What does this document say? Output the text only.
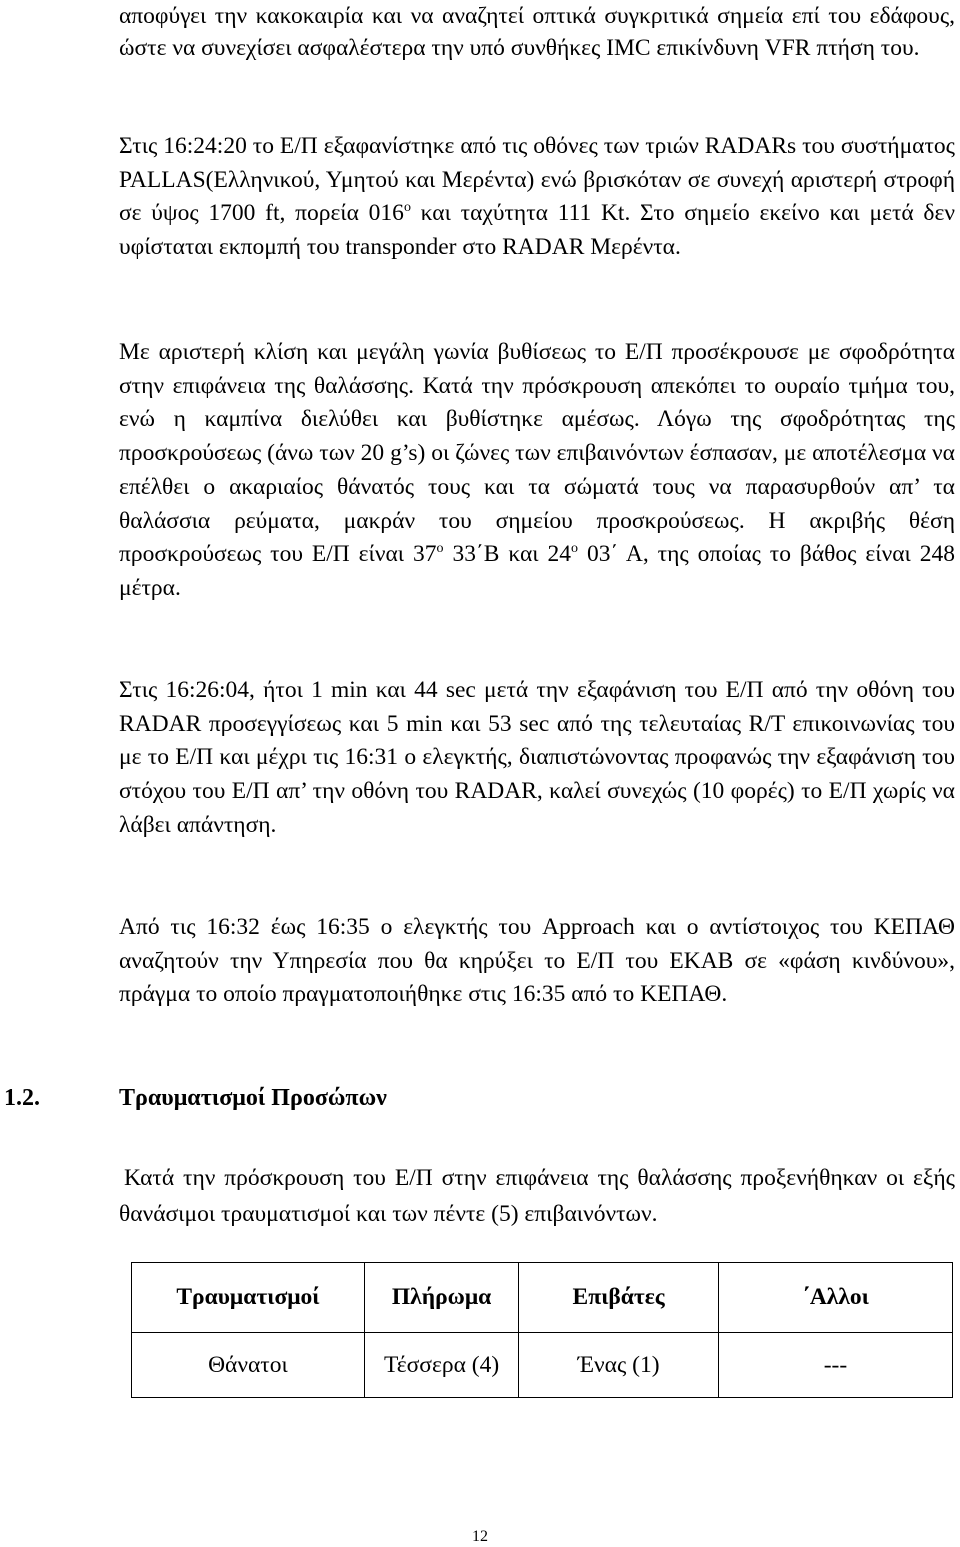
αποφύγει την κακοκαιρία και να αναζητεί οπτικά συγκριτικά σημεία επί του εδάφους, ώστε να συνεχίσει ασφαλέστερα την υπό συνθήκες IMC επικίνδυνη VFR πτήση του.

Στις 16:24:20 το Ε/Π εξαφανίστηκε από τις οθόνες των τριών RADARs του συστήματος PALLAS(Ελληνικού, Υμητού και Μερέντα) ενώ βρισκόταν σε συνεχή αριστερή στροφή σε ύψος 1700 ft, πορεία $016^o$ και ταχύτητα 111 Kt. Στο σημείο εκείνο και μετά δεν υφίσταται εκπομπή του transponder στο RADAR Μερέντα.

Με αριστερή κλίση και μεγάλη γωνία βυθίσεως το Ε/Π προσέκρουσε με σφοδρότητα στην επιφάνεια της θαλάσσης. Κατά την πρόσκρουση απεκόπει το ουραίο τμήμα του, ενώ η καμπίνα διελύθει και βυθίστηκε αμέσως. Λόγω της σφοδρότητας της προσκρούσεως (άνω των 20 g’s) οι ζώνες των επιβαινόντων έσπασαν, με αποτέλεσμα να επέλθει ο ακαριαίος θάνατός τους και τα σώματά τους να παρασυρθούν απ’ τα θαλάσσια ρεύματα, μακράν του σημείου προσκρούσεως. Η ακριβής θέση προσκρούσεως του Ε/Π είναι $37^o$ 33΄Β και $24^o$ 03΄ Α, της οποίας το βάθος είναι 248 μέτρα.

Στις 16:26:04, ήτοι 1 min και 44 sec μετά την εξαφάνιση του Ε/Π από την οθόνη του RADAR προσεγγίσεως και 5 min και 53 sec από της τελευταίας R/T επικοινωνίας του με το Ε/Π και μέχρι τις 16:31 ο ελεγκτής, διαπιστώνοντας προφανώς την εξαφάνιση του στόχου του Ε/Π απ’ την οθόνη του RADAR, καλεί συνεχώς (10 φορές) το Ε/Π χωρίς να λάβει απάντηση.

Από τις 16:32 έως 16:35 ο ελεγκτής του Approach και ο αντίστοιχος του ΚΕΠΑΘ αναζητούν την Υπηρεσία που θα κηρύξει το Ε/Π του ΕΚΑΒ σε «φάση κινδύνου», πράγμα το οποίο πραγματοποιήθηκε στις 16:35 από το ΚΕΠΑΘ.

1.2.	Τραυματισμοί Προσώπων

Κατά την πρόσκρουση του Ε/Π στην επιφάνεια της θαλάσσης προξενήθηκαν οι εξής θανάσιμοι τραυματισμοί και των πέντε (5) επιβαινόντων.

Τραυματισμοί	Πλήρωμα	Επιβάτες	΄Αλλοι
Θάνατοι	Τέσσερα (4)	Ένας (1)	---
12
